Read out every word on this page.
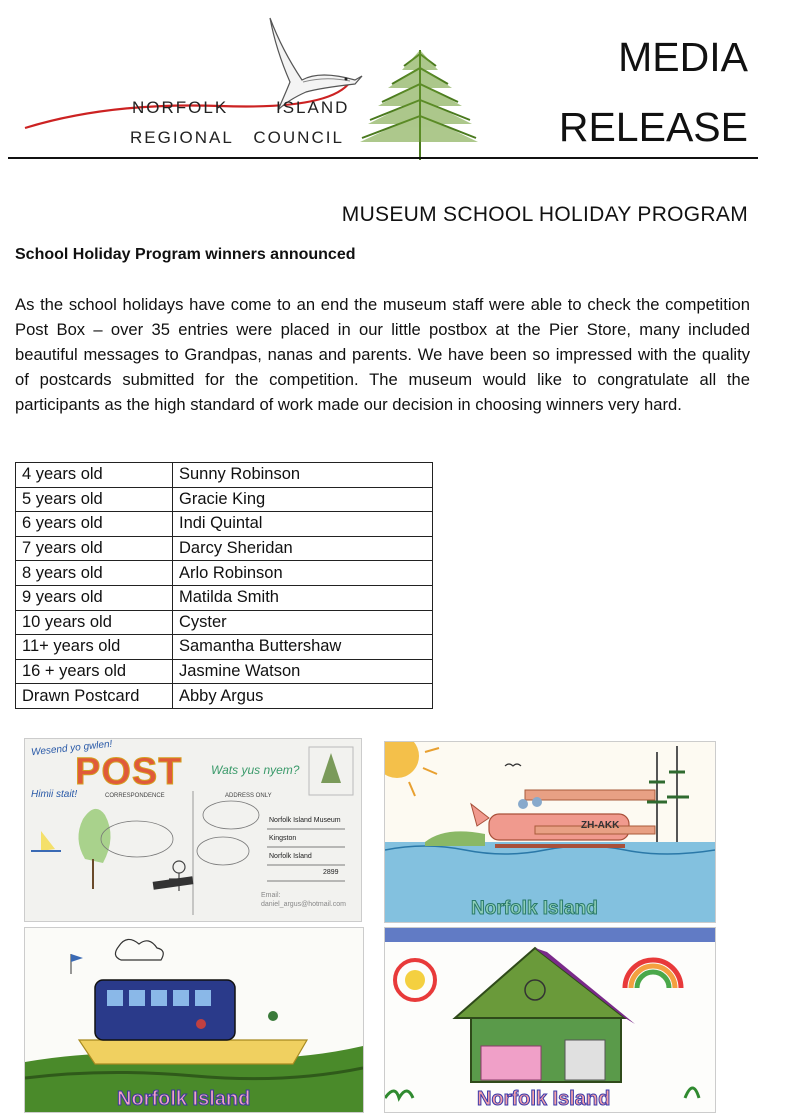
NORFOLK	ISLAND
REGIONAL   COUNCIL
MEDIA
RELEASE
MUSEUM SCHOOL HOLIDAY PROGRAM
School Holiday Program winners announced

As the school holidays have come to an end the museum staff were able to check the competition Post Box – over 35 entries were placed in our little postbox at the Pier Store, many included beautiful messages to Grandpas, nanas and parents. We have been so impressed with the quality of postcards submitted for the competition. The museum would like to congratulate all the participants as the high standard of work made our decision in choosing winners very hard.

4 years old	Sunny Robinson
5 years old	Gracie King
6 years old	Indi Quintal
7 years old	Darcy Sheridan
8 years old	Arlo Robinson
9 years old	Matilda Smith
10 years old	Cyster
11+ years old	Samantha Buttershaw
16 + years old	Jasmine Watson
Drawn Postcard	Abby Argus
Wesend yo gwlen!
POST Wats yus nyem?
Himii stait!	CORRESPONDENCE	ADDRESS ONLY
Norfolk Island Museum
Kingston
Norfolk Island
2899
Email: daniel_argus@hotmail.com
ZH-AKK
Norfolk Island
Norfolk Island	Norfolk Island
